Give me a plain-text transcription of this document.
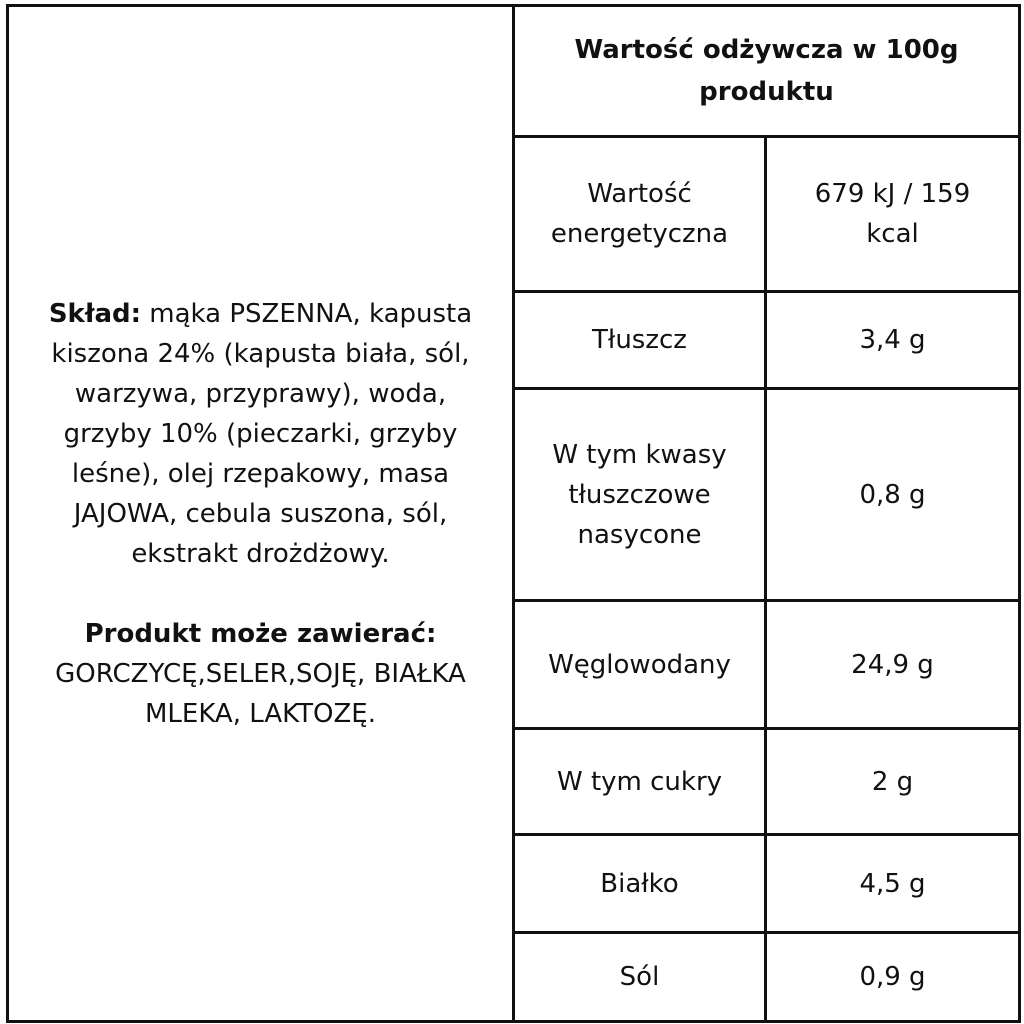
Skład: mąka PSZENNA, kapusta kiszona 24% (kapusta biała, sól, warzywa, przyprawy), woda, grzyby 10% (pieczarki, grzyby leśne), olej rzepakowy, masa JAJOWA, cebula suszona, sól, ekstrakt drożdżowy.

Produkt może zawierać:
GORCZYCĘ,SELER,SOJĘ, BIAŁKA MLEKA, LAKTOZĘ.	Wartość odżywcza w 100g produktu	
	Wartość energetyczna	679 kJ / 159 kcal
	Tłuszcz	3,4 g
	W tym kwasy tłuszczowe nasycone	0,8 g
	Węglowodany	24,9 g
	W tym cukry	2 g
	Białko	4,5 g
	Sól	0,9 g
